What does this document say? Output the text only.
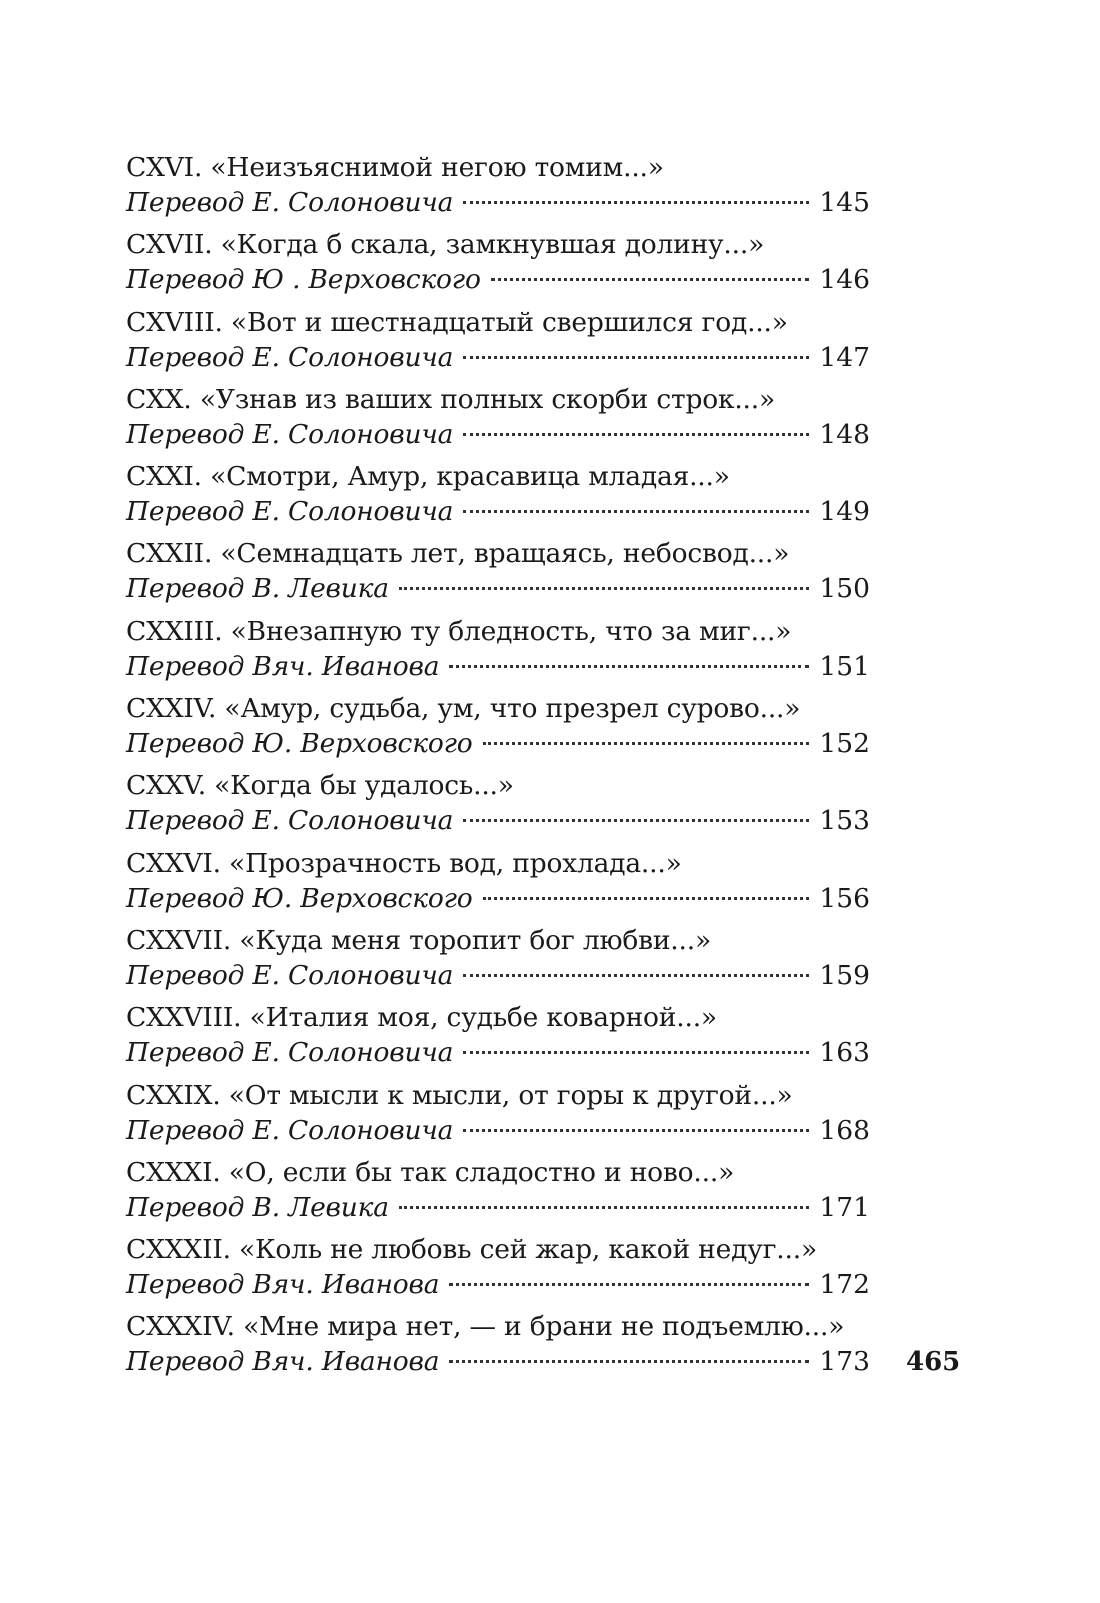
CXVI. «Неизъяснимой негою томим...»
Перевод Е. Солоновича	145
CXVII. «Когда б скала, замкнувшая долину...»
Перевод Ю . Верховского	146
CXVIII. «Вот и шестнадцатый свершился год...»
Перевод Е. Солоновича	147
CXX. «Узнав из ваших полных скорби строк...»
Перевод Е. Солоновича	148
CXXI. «Смотри, Амур, красавица младая...»
Перевод Е. Солоновича	149
CXXII. «Семнадцать лет, вращаясь, небосвод...»
Перевод В. Левика	150
CXXIII. «Внезапную ту бледность, что за миг...»
Перевод Вяч. Иванова	151
CXXIV. «Амур, судьба, ум, что презрел сурово...»
Перевод Ю. Верховского	152
CXXV. «Когда бы удалось...»
Перевод Е. Солоновича	153
CXXVI. «Прозрачность вод, прохлада...»
Перевод Ю. Верховского	156
CXXVII. «Куда меня торопит бог любви...»
Перевод Е. Солоновича	159
CXXVIII. «Италия моя, судьбе коварной...»
Перевод Е. Солоновича	163
CXXIX. «От мысли к мысли, от горы к другой...»
Перевод Е. Солоновича	168
CXXXI. «О, если бы так сладостно и ново...»
Перевод В. Левика	171
CXXXII. «Коль не любовь сей жар, какой недуг...»
Перевод Вяч. Иванова	172
CXXXIV. «Мне мира нет, — и брани не подъемлю...»
Перевод Вяч. Иванова	173 465
